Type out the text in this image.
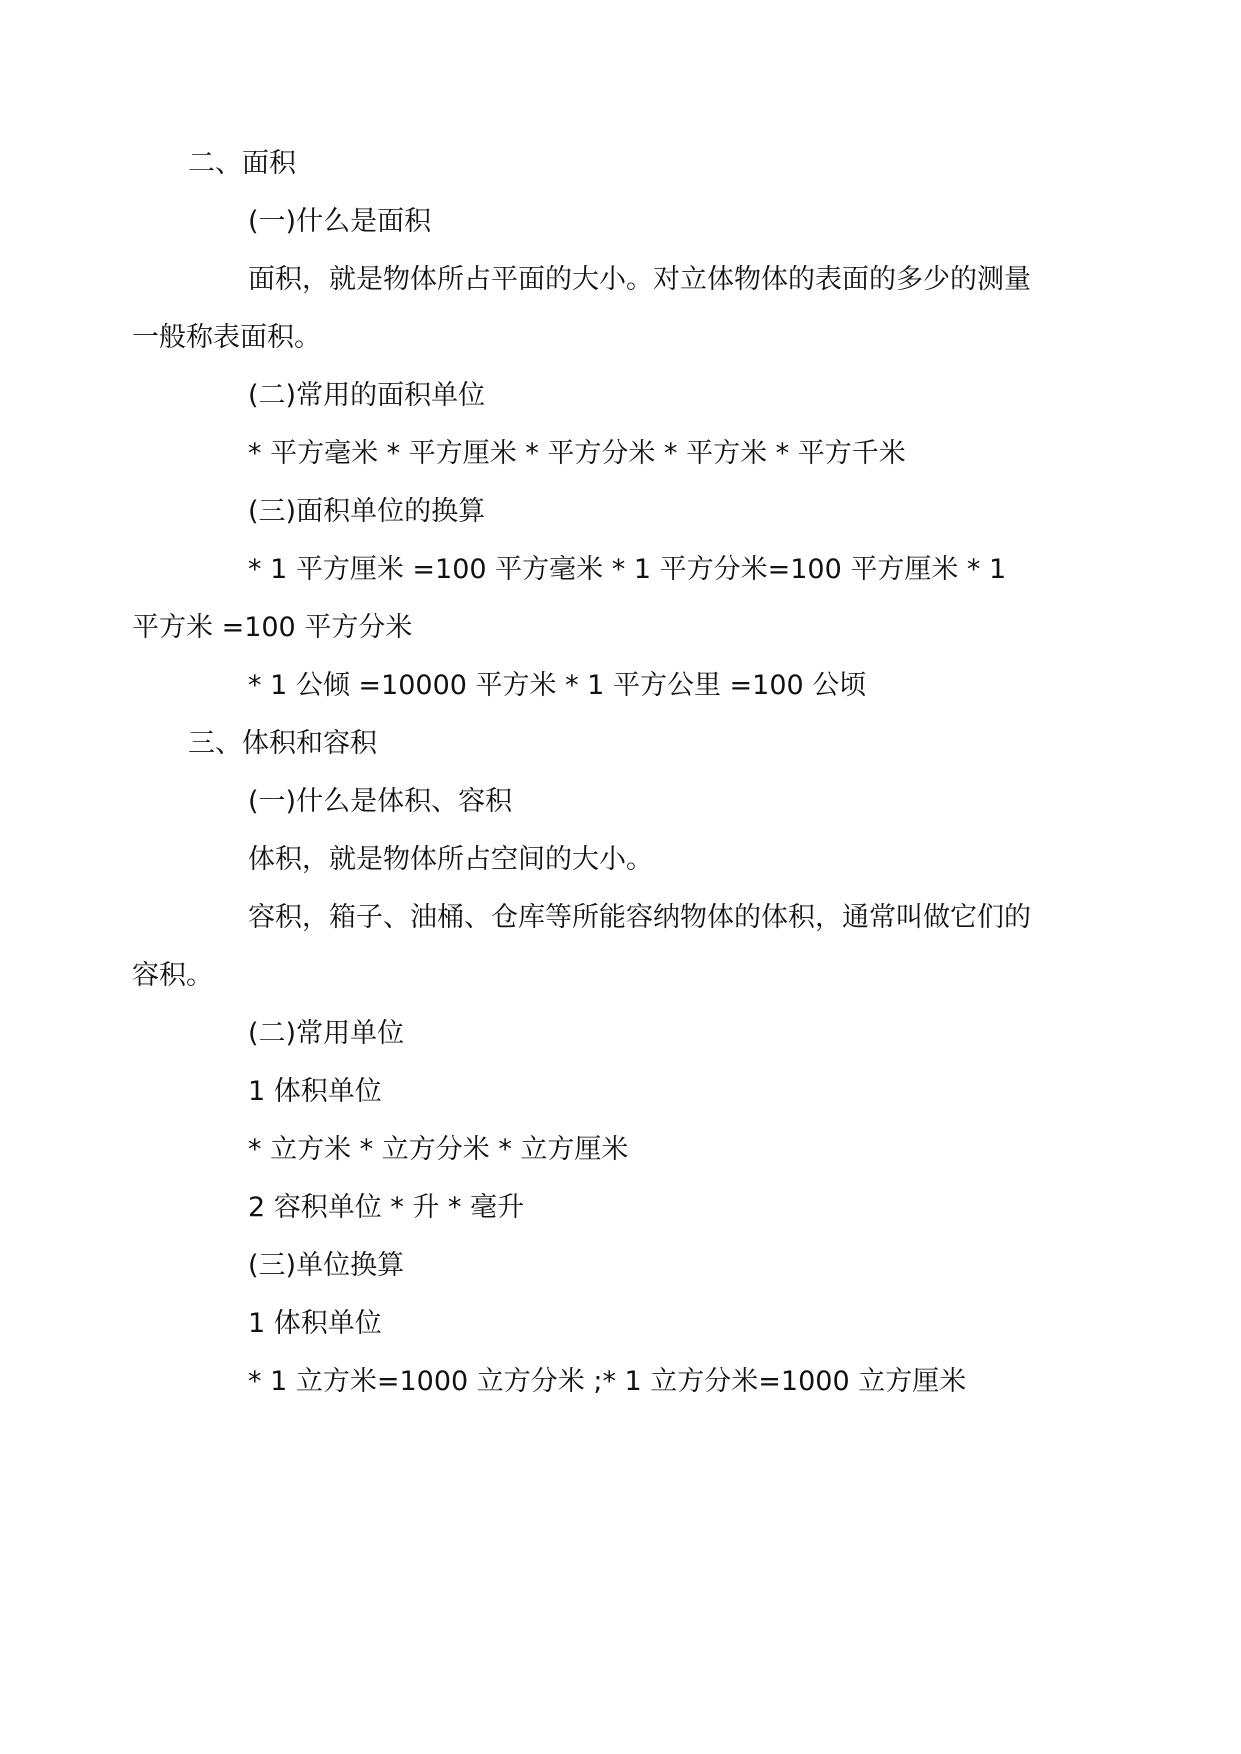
二、面积
(一)什么是面积
面积，就是物体所占平面的大小。对立体物体的表面的多少的测量
一般称表面积。
(二)常用的面积单位
* 平方毫米 * 平方厘米 * 平方分米 * 平方米 * 平方千米
(三)面积单位的换算
* 1 平方厘米 =100 平方毫米 * 1 平方分米=100 平方厘米 * 1
平方米 =100 平方分米
* 1 公倾 =10000 平方米 * 1 平方公里 =100 公顷
三、体积和容积
(一)什么是体积、容积
体积，就是物体所占空间的大小。
容积，箱子、油桶、仓库等所能容纳物体的体积，通常叫做它们的
容积。
(二)常用单位
1 体积单位
* 立方米 * 立方分米 * 立方厘米
2 容积单位 * 升 * 毫升
(三)单位换算
1 体积单位
* 1 立方米=1000 立方分米 ;* 1 立方分米=1000 立方厘米
